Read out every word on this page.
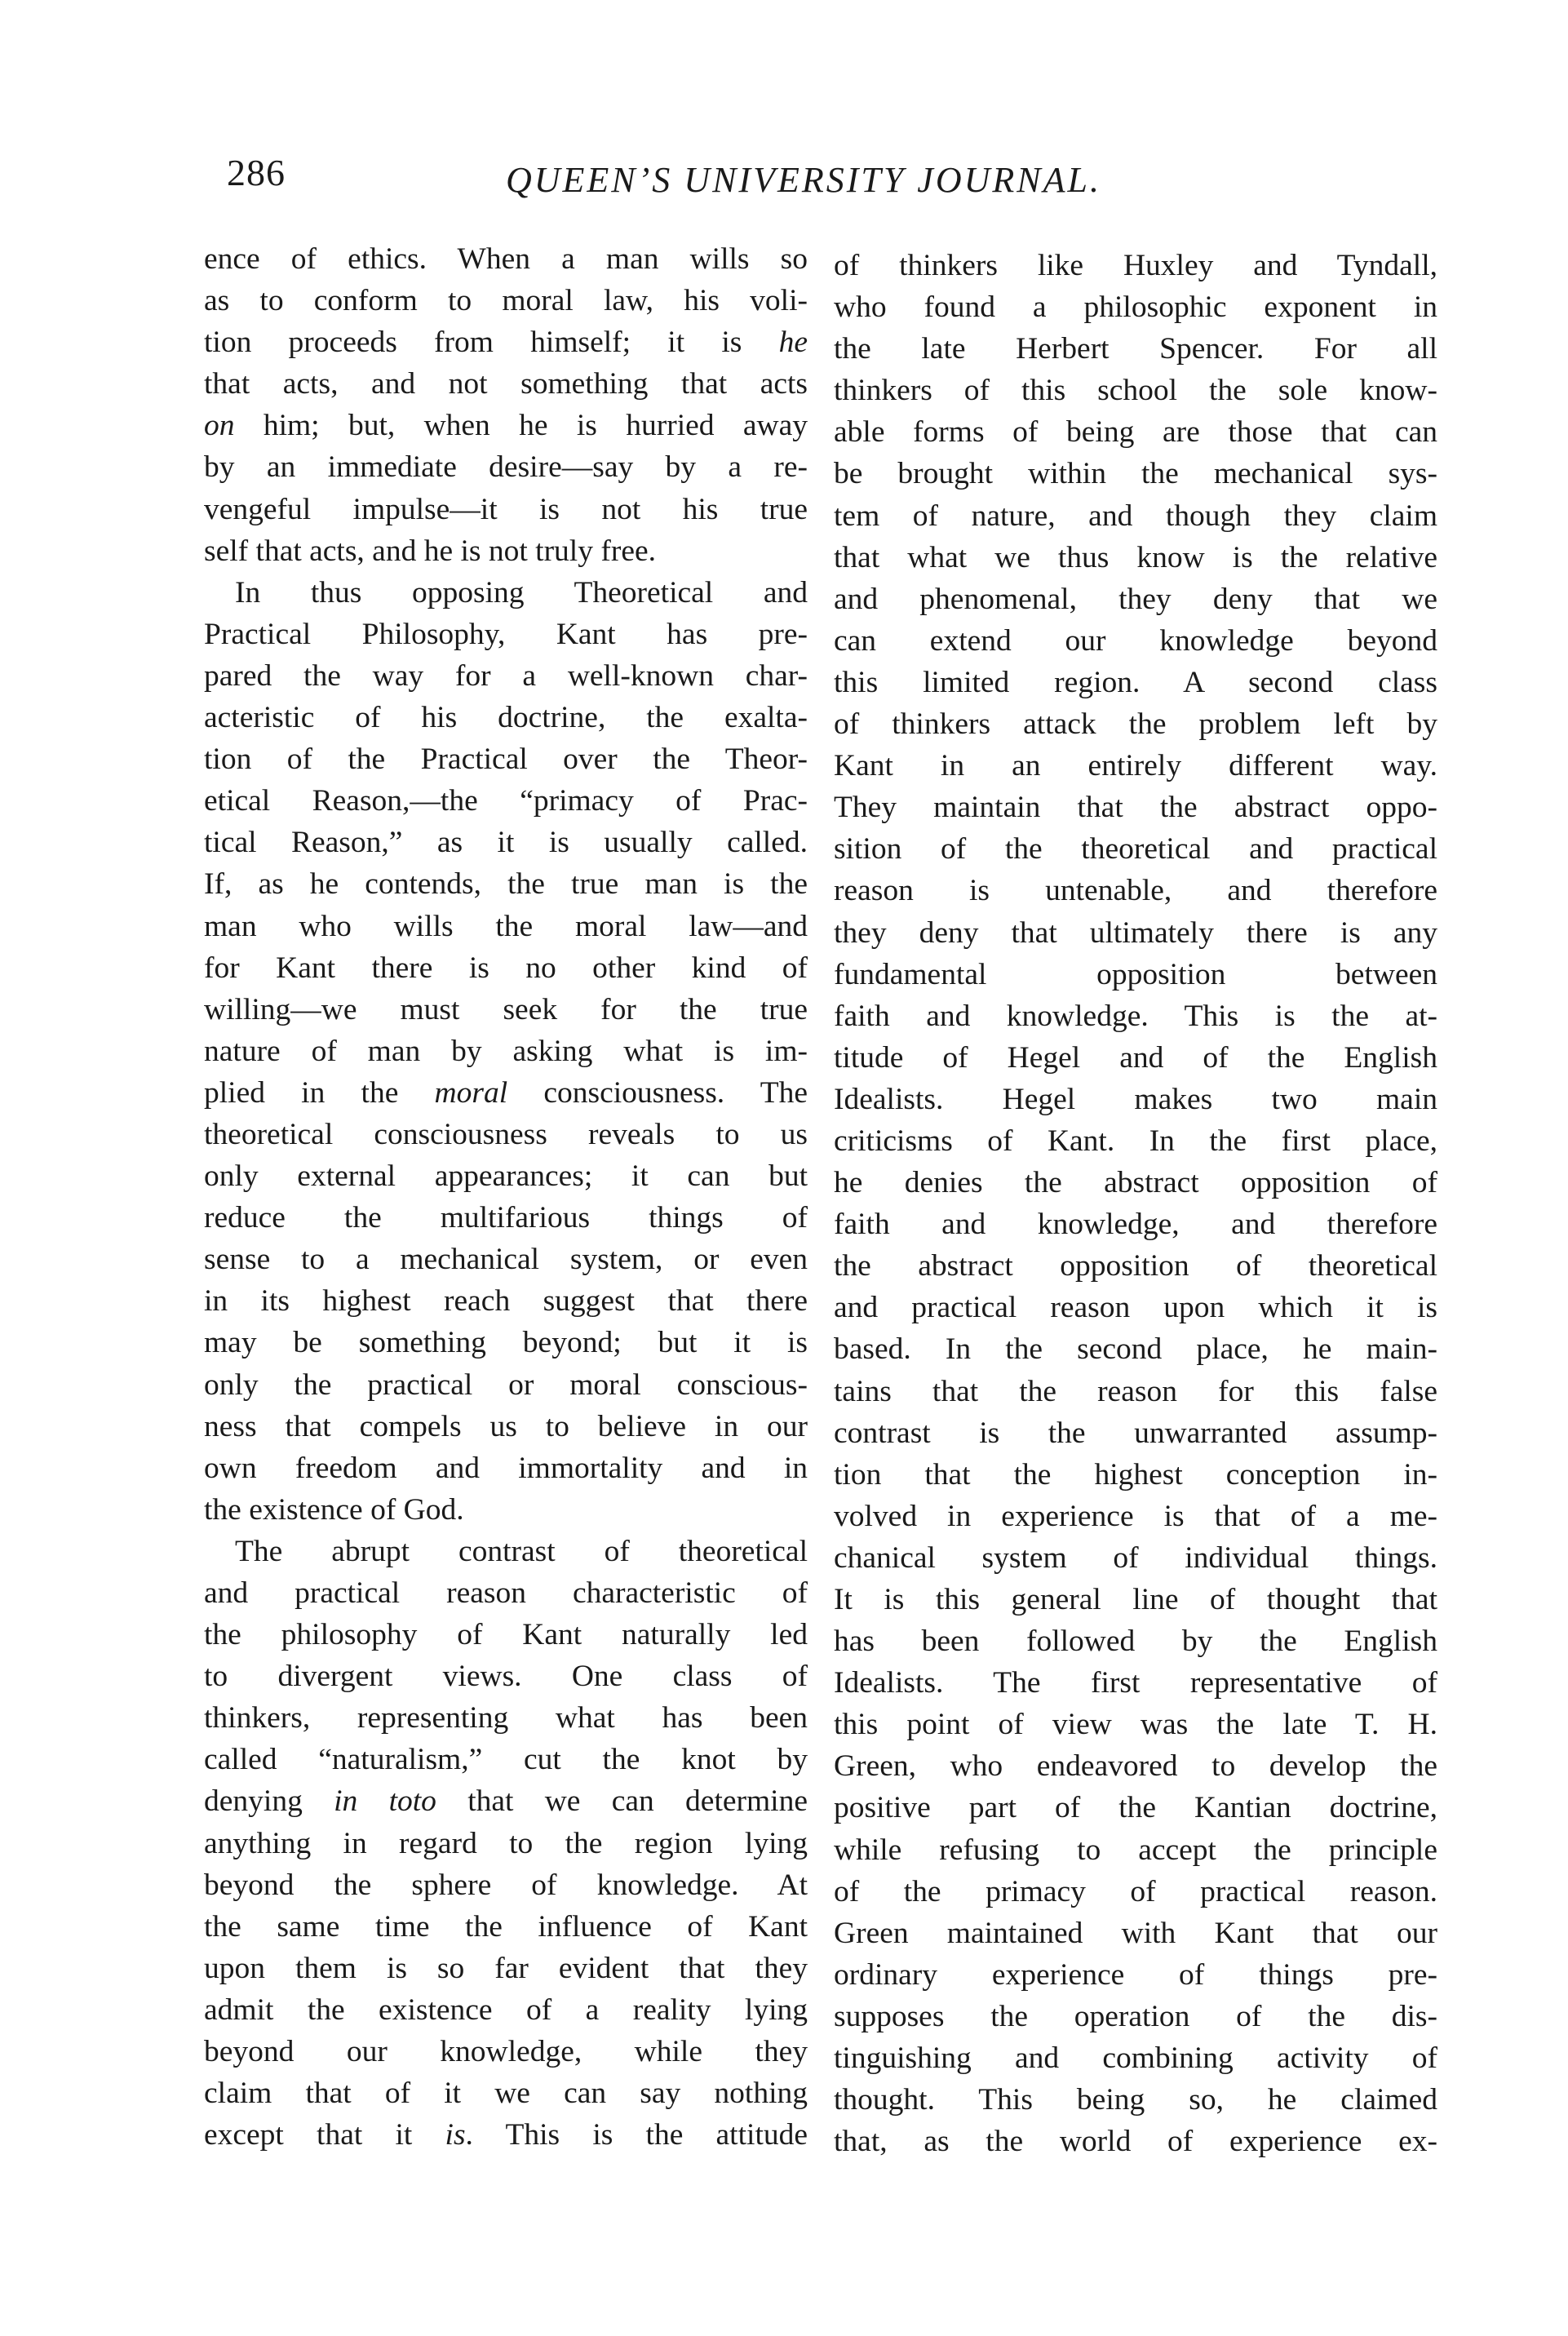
286	QUEEN’S UNIVERSITY JOURNAL.
ence of ethics. When a man wills so
as to conform to moral law, his voli-
tion proceeds from himself; it is he
that acts, and not something that acts
on him; but, when he is hurried away
by an immediate desire—say by a re-
vengeful impulse—it is not his true
self that acts, and he is not truly free.
In thus opposing Theoretical and
Practical Philosophy, Kant has pre-
pared the way for a well-known char-
acteristic of his doctrine, the exalta-
tion of the Practical over the Theor-
etical Reason,—the “primacy of Prac-
tical Reason,” as it is usually called.
If, as he contends, the true man is the
man who wills the moral law—and
for Kant there is no other kind of
willing—we must seek for the true
nature of man by asking what is im-
plied in the moral consciousness. The
theoretical consciousness reveals to us
only external appearances; it can but
reduce the multifarious things of
sense to a mechanical system, or even
in its highest reach suggest that there
may be something beyond; but it is
only the practical or moral conscious-
ness that compels us to believe in our
own freedom and immortality and in
the existence of God.
The abrupt contrast of theoretical
and practical reason characteristic of
the philosophy of Kant naturally led
to divergent views. One class of
thinkers, representing what has been
called “naturalism,” cut the knot by
denying in toto that we can determine
anything in regard to the region lying
beyond the sphere of knowledge. At
the same time the influence of Kant
upon them is so far evident that they
admit the existence of a reality lying
beyond our knowledge, while they
claim that of it we can say nothing
except that it is. This is the attitude
of thinkers like Huxley and Tyndall,
who found a philosophic exponent in
the late Herbert Spencer. For all
thinkers of this school the sole know-
able forms of being are those that can
be brought within the mechanical sys-
tem of nature, and though they claim
that what we thus know is the relative
and phenomenal, they deny that we
can extend our knowledge beyond
this limited region. A second class
of thinkers attack the problem left by
Kant in an entirely different way.
They maintain that the abstract oppo-
sition of the theoretical and practical
reason is untenable, and therefore
they deny that ultimately there is any
fundamental opposition between
faith and knowledge. This is the at-
titude of Hegel and of the English
Idealists. Hegel makes two main
criticisms of Kant. In the first place,
he denies the abstract opposition of
faith and knowledge, and therefore
the abstract opposition of theoretical
and practical reason upon which it is
based. In the second place, he main-
tains that the reason for this false
contrast is the unwarranted assump-
tion that the highest conception in-
volved in experience is that of a me-
chanical system of individual things.
It is this general line of thought that
has been followed by the English
Idealists. The first representative of
this point of view was the late T. H.
Green, who endeavored to develop the
positive part of the Kantian doctrine,
while refusing to accept the principle
of the primacy of practical reason.
Green maintained with Kant that our
ordinary experience of things pre-
supposes the operation of the dis-
tinguishing and combining activity of
thought. This being so, he claimed
that, as the world of experience ex-
